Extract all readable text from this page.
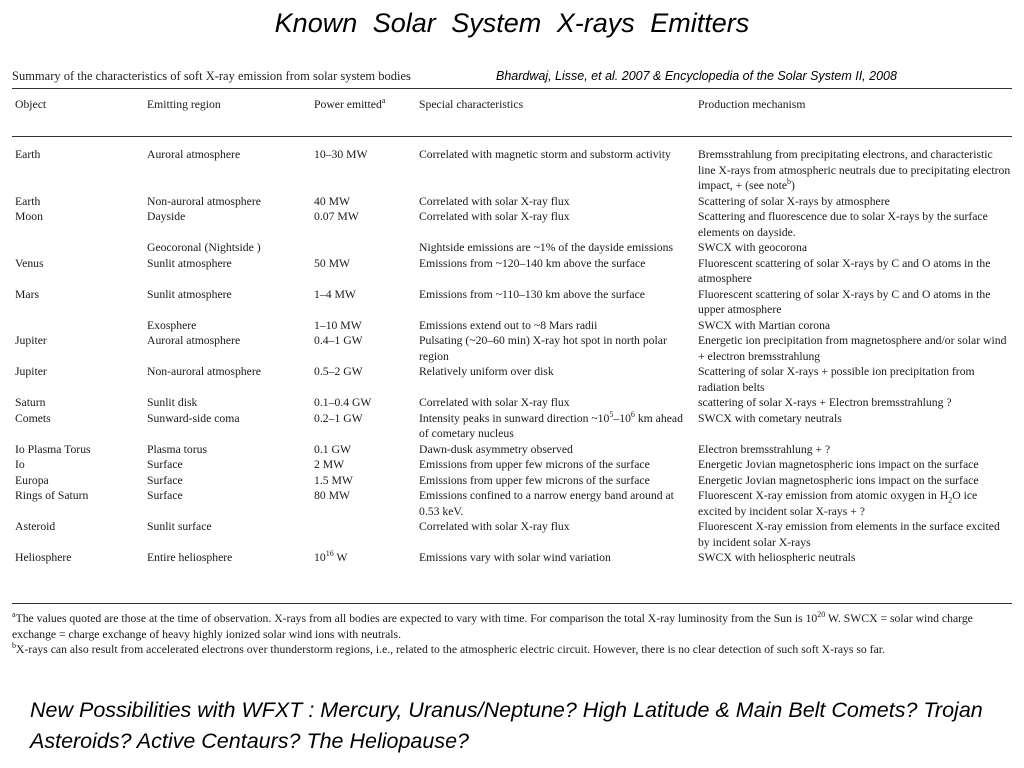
Known Solar System X-rays Emitters
Summary of the characteristics of soft X-ray emission from solar system bodies	Bhardwaj, Lisse, et al. 2007 & Encyclopedia of the Solar System II, 2008
Object	Emitting region	Power emitted$^a$	Special characteristics	Production mechanism
Earth	Auroral atmosphere	10–30 MW	Correlated with magnetic storm and substorm activity	Bremsstrahlung from precipitating electrons, and characteristic line X-rays from atmospheric neutrals due to precipitating electron impact, + (see note$^b$)
Earth	Non-auroral atmosphere	40 MW	Correlated with solar X-ray flux	Scattering of solar X-rays by atmosphere
Moon	Dayside	0.07 MW	Correlated with solar X-ray flux	Scattering and fluorescence due to solar X-rays by the surface elements on dayside.
	Geocoronal (Nightside )		Nightside emissions are ~1% of the dayside emissions	SWCX with geocorona
Venus	Sunlit atmosphere	50 MW	Emissions from ~120–140 km above the surface	Fluorescent scattering of solar X-rays by C and O atoms in the atmosphere
Mars	Sunlit atmosphere	1–4 MW	Emissions from ~110–130 km above the surface	Fluorescent scattering of solar X-rays by C and O atoms in the upper atmosphere
	Exosphere	1–10 MW	Emissions extend out to ~8 Mars radii	SWCX with Martian corona
Jupiter	Auroral atmosphere	0.4–1 GW	Pulsating (~20–60 min) X-ray hot spot in north polar region	Energetic ion precipitation from magnetosphere and/or solar wind + electron bremsstrahlung
Jupiter	Non-auroral atmosphere	0.5–2 GW	Relatively uniform over disk	Scattering of solar X-rays + possible ion precipitation from radiation belts
Saturn	Sunlit disk	0.1–0.4 GW	Correlated with solar X-ray flux	scattering of solar X-rays + Electron bremsstrahlung ?
Comets	Sunward-side coma	0.2–1 GW	Intensity peaks in sunward direction $\sim 10^5-10^6$ km ahead of cometary nucleus	SWCX with cometary neutrals
Io Plasma Torus	Plasma torus	0.1 GW	Dawn-dusk asymmetry observed	Electron bremsstrahlung + ?
Io	Surface	2 MW	Emissions from upper few microns of the surface	Energetic Jovian magnetospheric ions impact on the surface
Europa	Surface	1.5 MW	Emissions from upper few microns of the surface	Energetic Jovian magnetospheric ions impact on the surface
Rings of Saturn	Surface	80 MW	Emissions confined to a narrow energy band around at 0.53 keV.	Fluorescent X-ray emission from atomic oxygen in $H_2O$ ice excited by incident solar X-rays + ?
Asteroid	Sunlit surface		Correlated with solar X-ray flux	Fluorescent X-ray emission from elements in the surface excited by incident solar X-rays
Heliosphere	Entire heliosphere	$10^{16}$ W	Emissions vary with solar wind variation	SWCX with heliospheric neutrals

$^a$The values quoted are those at the time of observation. X-rays from all bodies are expected to vary with time. For comparison the total X-ray luminosity from the Sun is $10^{20}$ W. SWCX = solar wind charge exchange = charge exchange of heavy highly ionized solar wind ions with neutrals.

$^b$X-rays can also result from accelerated electrons over thunderstorm regions, i.e., related to the atmospheric electric circuit. However, there is no clear detection of such soft X-rays so far.

New Possibilities with WFXT : Mercury, Uranus/Neptune? High Latitude & Main Belt Comets? Trojan Asteroids? Active Centaurs? The Heliopause?
